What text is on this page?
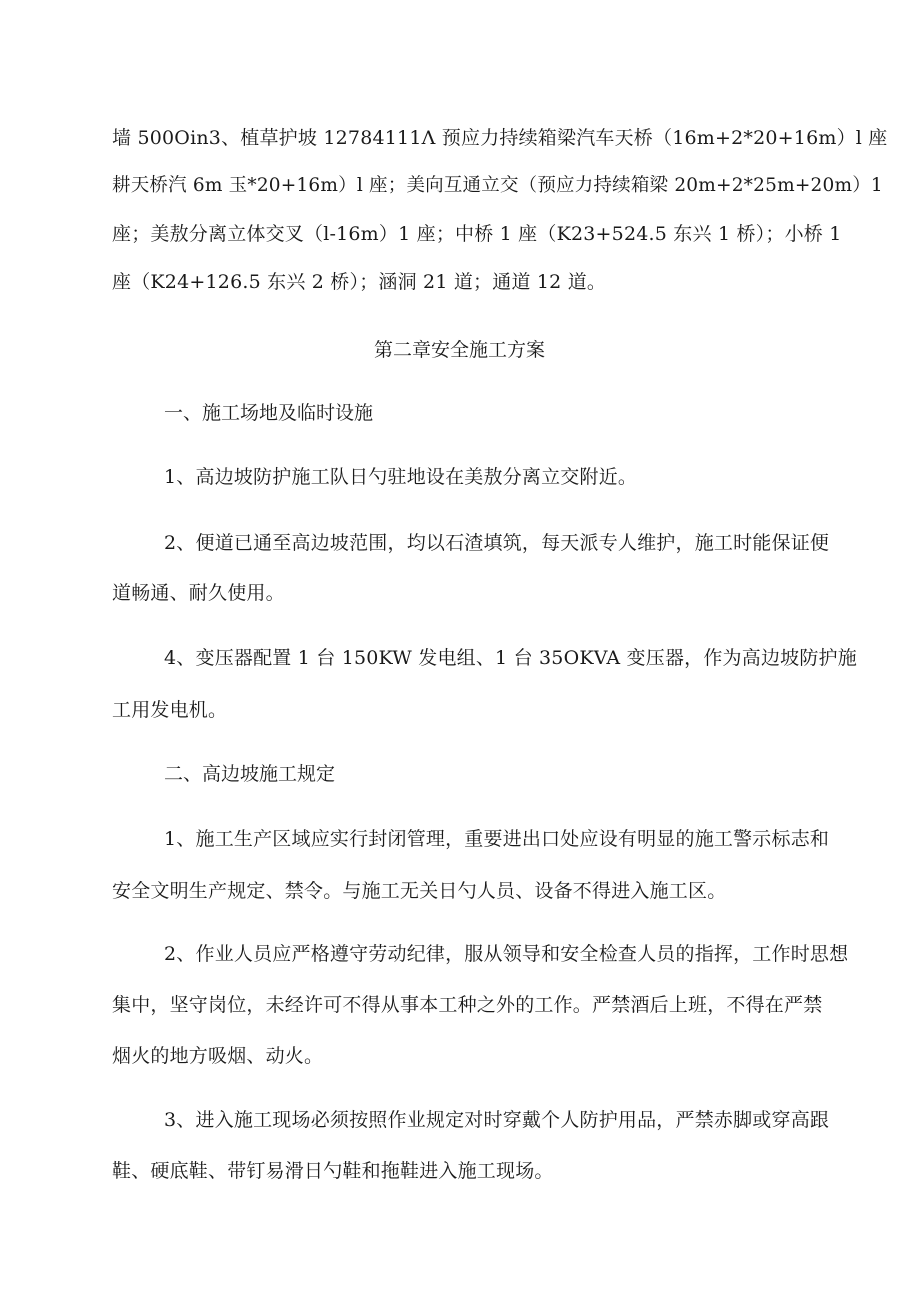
墙 500Oin3、植草护坡 12784111Λ 预应力持续箱梁汽车天桥（16m+2*20+16m）l 座
耕天桥汽 6m 玉*20+16m）l 座；美向互通立交（预应力持续箱梁 20m+2*25m+20m）1
座；美敖分离立体交叉（l-16m）1 座；中桥 1 座（K23+524.5 东兴 1 桥）；小桥 1
座（K24+126.5 东兴 2 桥）；涵洞 21 道；通道 12 道。
第二章安全施工方案
一、施工场地及临时设施
1、高边坡防护施工队日勺驻地设在美敖分离立交附近。
2、便道已通至高边坡范围，均以石渣填筑，每天派专人维护，施工时能保证便
道畅通、耐久使用。
4、变压器配置 1 台 150KW 发电组、1 台 35OKVA 变压器，作为高边坡防护施
工用发电机。
二、高边坡施工规定
1、施工生产区域应实行封闭管理，重要进出口处应设有明显的施工警示标志和
安全文明生产规定、禁令。与施工无关日勺人员、设备不得进入施工区。
2、作业人员应严格遵守劳动纪律，服从领导和安全检查人员的指挥，工作时思想
集中，坚守岗位，未经许可不得从事本工种之外的工作。严禁酒后上班，不得在严禁
烟火的地方吸烟、动火。
3、进入施工现场必须按照作业规定对时穿戴个人防护用品，严禁赤脚或穿高跟
鞋、硬底鞋、带钉易滑日勺鞋和拖鞋进入施工现场。
